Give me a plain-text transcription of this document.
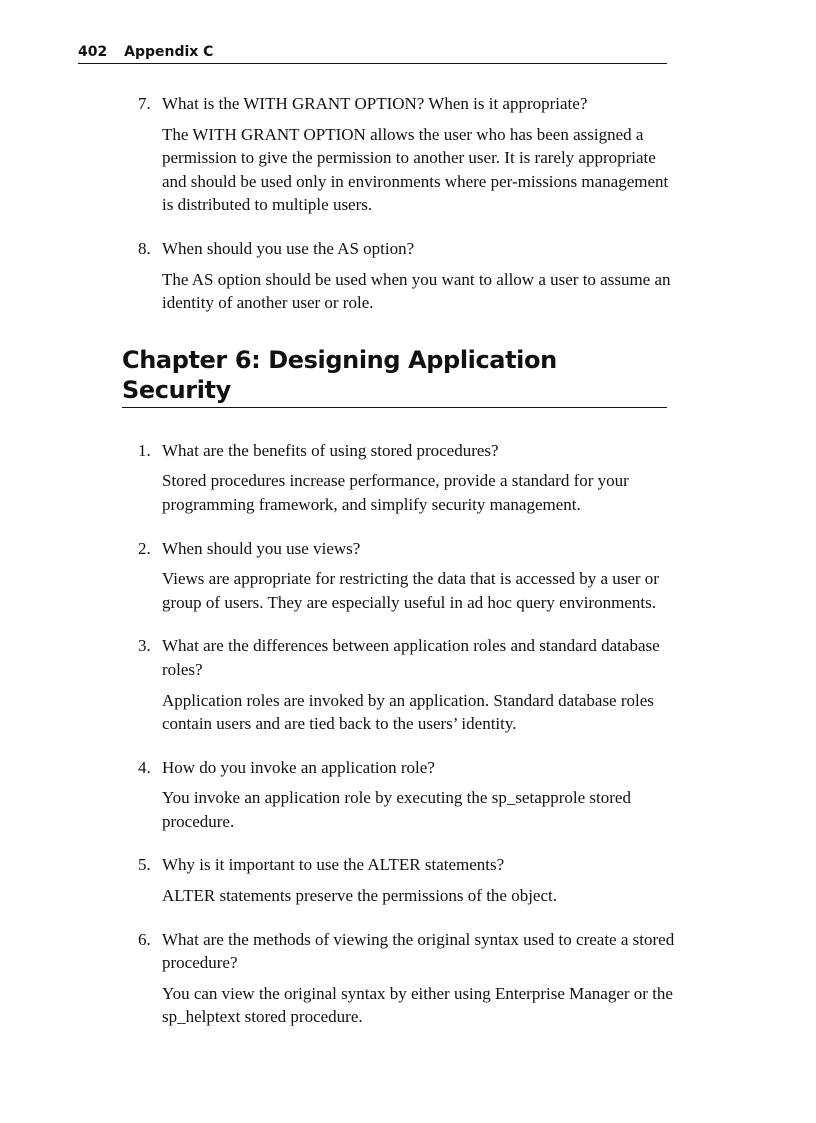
402 Appendix C
7. What is the WITH GRANT OPTION? When is it appropriate?
The WITH GRANT OPTION allows the user who has been assigned a permission to give the permission to another user. It is rarely appropriate and should be used only in environments where per-missions management is distributed to multiple users.
8. When should you use the AS option?
The AS option should be used when you want to allow a user to assume an identity of another user or role.
Chapter 6: Designing Application Security
1. What are the benefits of using stored procedures?
Stored procedures increase performance, provide a standard for your programming framework, and simplify security management.
2. When should you use views?
Views are appropriate for restricting the data that is accessed by a user or group of users. They are especially useful in ad hoc query environments.
3. What are the differences between application roles and standard database roles?
Application roles are invoked by an application. Standard database roles contain users and are tied back to the users’ identity.
4. How do you invoke an application role?
You invoke an application role by executing the sp_setapprole stored procedure.
5. Why is it important to use the ALTER statements?
ALTER statements preserve the permissions of the object.
6. What are the methods of viewing the original syntax used to create a stored procedure?
You can view the original syntax by either using Enterprise Manager or the sp_helptext stored procedure.
